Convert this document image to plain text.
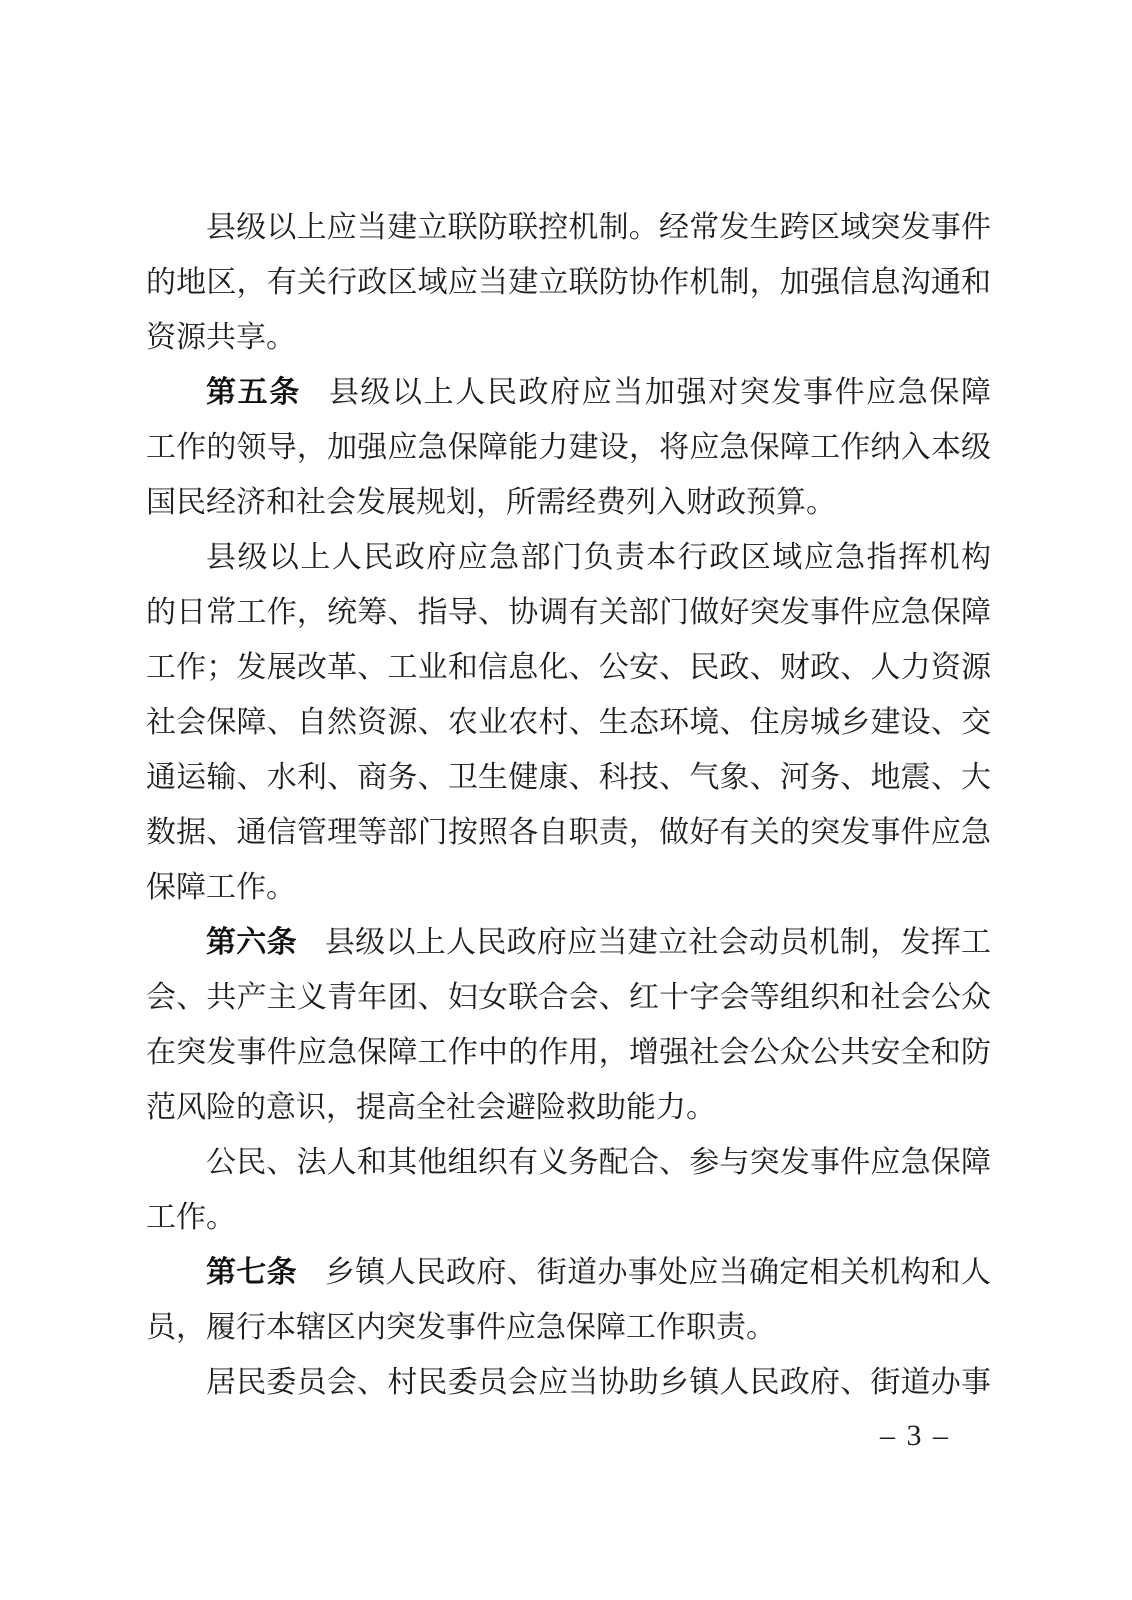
县级以上应当建立联防联控机制。经常发生跨区域突发事件
的地区，有关行政区域应当建立联防协作机制，加强信息沟通和
资源共享。

第五条 县级以上人民政府应当加强对突发事件应急保障
工作的领导，加强应急保障能力建设，将应急保障工作纳入本级
国民经济和社会发展规划，所需经费列入财政预算。

县级以上人民政府应急部门负责本行政区域应急指挥机构
的日常工作，统筹、指导、协调有关部门做好突发事件应急保障
工作；发展改革、工业和信息化、公安、民政、财政、人力资源
社会保障、自然资源、农业农村、生态环境、住房城乡建设、交
通运输、水利、商务、卫生健康、科技、气象、河务、地震、大
数据、通信管理等部门按照各自职责，做好有关的突发事件应急
保障工作。

第六条 县级以上人民政府应当建立社会动员机制，发挥工
会、共产主义青年团、妇女联合会、红十字会等组织和社会公众
在突发事件应急保障工作中的作用，增强社会公众公共安全和防
范风险的意识，提高全社会避险救助能力。

公民、法人和其他组织有义务配合、参与突发事件应急保障
工作。

第七条 乡镇人民政府、街道办事处应当确定相关机构和人
员，履行本辖区内突发事件应急保障工作职责。

居民委员会、村民委员会应当协助乡镇人民政府、街道办事

– 3 –
